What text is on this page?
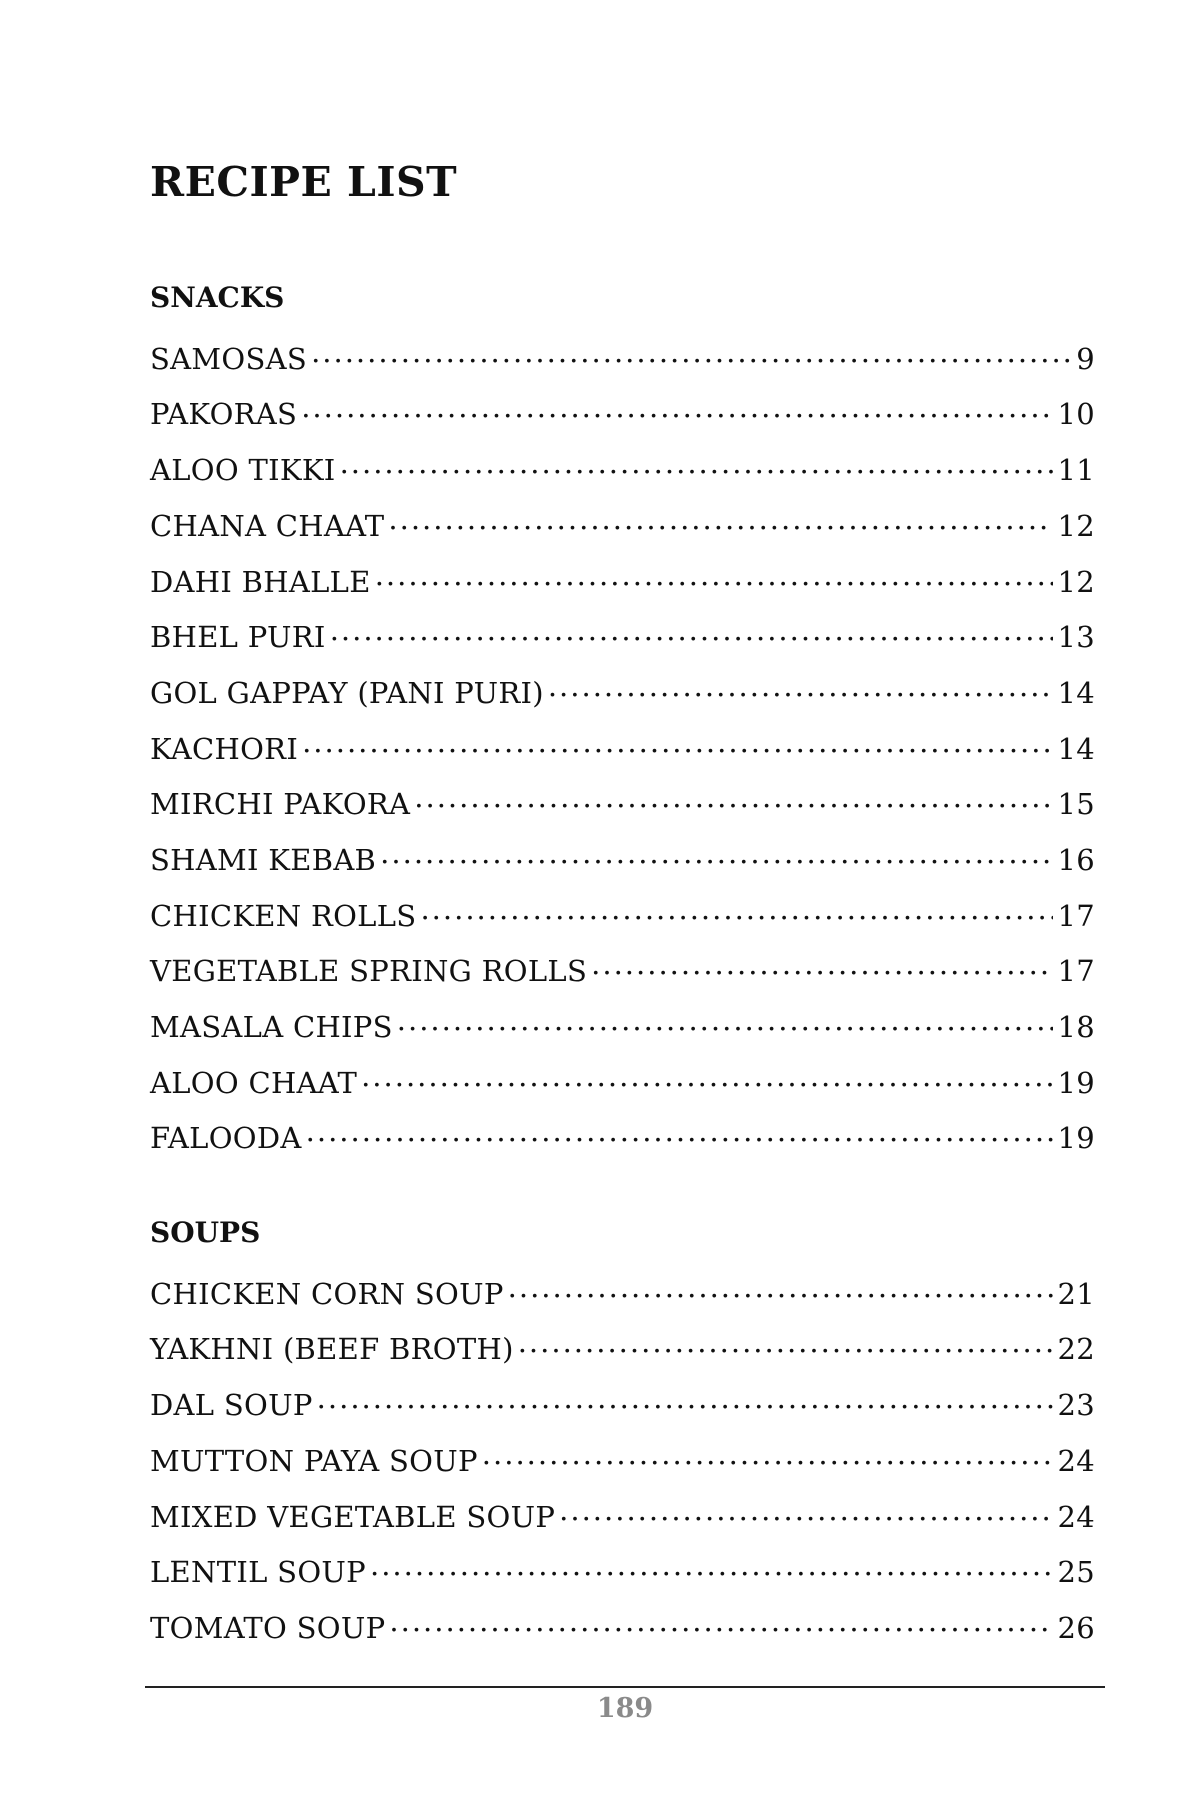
RECIPE LIST
SNACKS
SAMOSAS .....	9
PAKORAS .....	10
ALOO TIKKI .....	11
CHANA CHAAT .....	12
DAHI BHALLE .....	12
BHEL PURI .....	13
GOL GAPPAY (PANI PURI) .....	14
KACHORI .....	14
MIRCHI PAKORA .....	15
SHAMI KEBAB .....	16
CHICKEN ROLLS .....	17
VEGETABLE SPRING ROLLS .....	17
MASALA CHIPS .....	18
ALOO CHAAT .....	19
FALOODA .....	19
SOUPS
CHICKEN CORN SOUP .....	21
YAKHNI (BEEF BROTH) .....	22
DAL SOUP .....	23
MUTTON PAYA SOUP .....	24
MIXED VEGETABLE SOUP .....	24
LENTIL SOUP .....	25
TOMATO SOUP .....	26
189
